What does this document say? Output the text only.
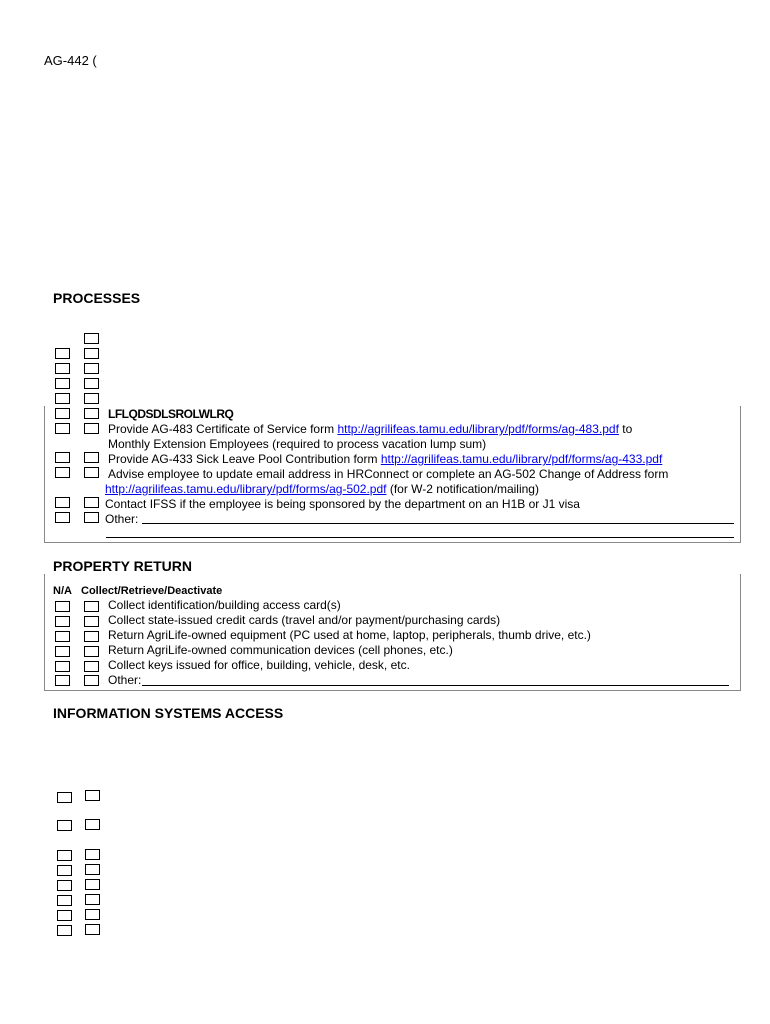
AG-442 (
PROCESSES
LFLQDSDLSROLWLRQ
Provide AG-483 Certificate of Service form http://agrilifeas.tamu.edu/library/pdf/forms/ag-483.pdf to
Monthly Extension Employees (required to process vacation lump sum)
Provide AG-433 Sick Leave Pool Contribution form http://agrilifeas.tamu.edu/library/pdf/forms/ag-433.pdf
Advise employee to update email address in HRConnect or complete an AG-502 Change of Address form
http://agrilifeas.tamu.edu/library/pdf/forms/ag-502.pdf (for W-2 notification/mailing)
Contact IFSS if the employee is being sponsored by the department on an H1B or J1 visa
Other:
PROPERTY RETURN
N/A Collect/Retrieve/Deactivate
Collect identification/building access card(s)
Collect state-issued credit cards (travel and/or payment/purchasing cards)
Return AgriLife-owned equipment (PC used at home, laptop, peripherals, thumb drive, etc.)
Return AgriLife-owned communication devices (cell phones, etc.)
Collect keys issued for office, building, vehicle, desk, etc.
Other:
INFORMATION SYSTEMS ACCESS
